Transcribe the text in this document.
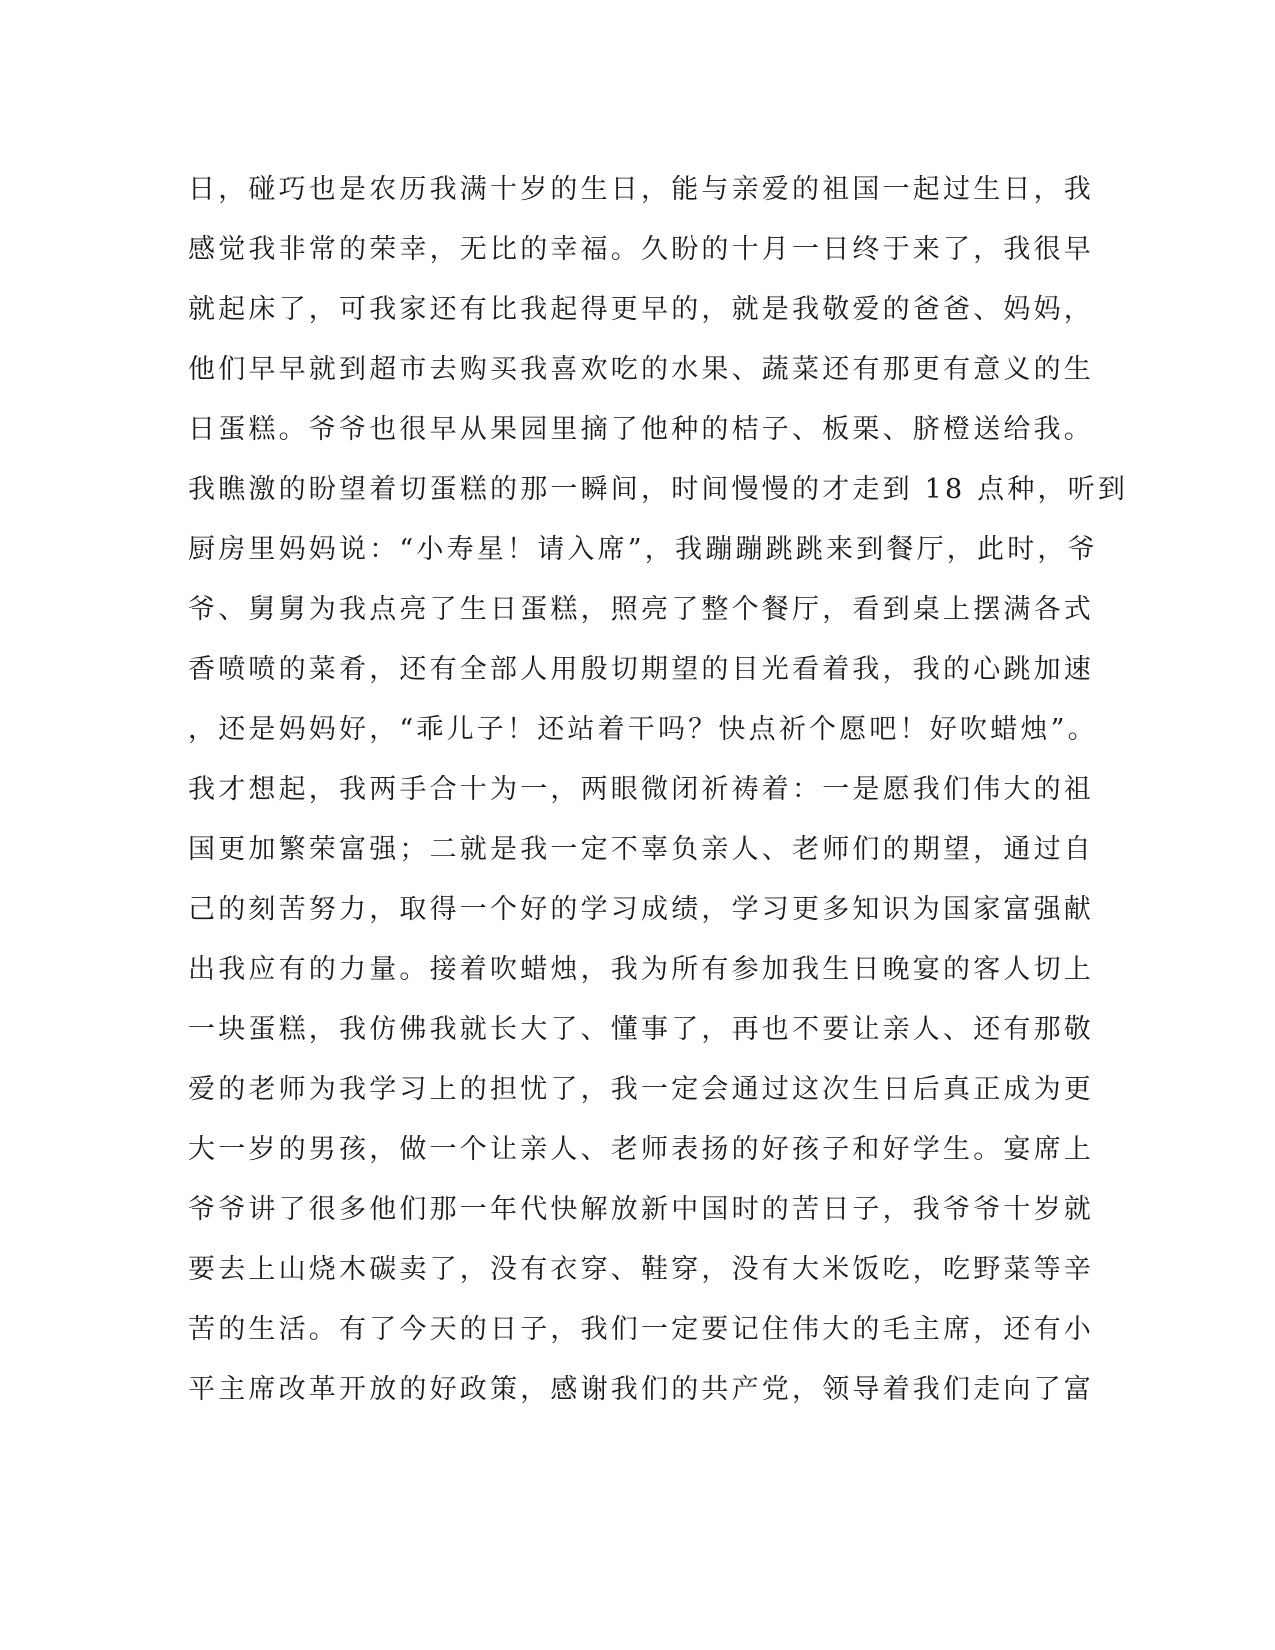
日，碰巧也是农历我满十岁的生日，能与亲爱的祖国一起过生日，我
感觉我非常的荣幸，无比的幸福。久盼的十月一日终于来了，我很早
就起床了，可我家还有比我起得更早的，就是我敬爱的爸爸、妈妈，
他们早早就到超市去购买我喜欢吃的水果、蔬菜还有那更有意义的生
日蛋糕。爷爷也很早从果园里摘了他种的桔子、板栗、脐橙送给我。
我瞧激的盼望着切蛋糕的那一瞬间，时间慢慢的才走到 18 点种，听到
厨房里妈妈说：“小寿星！请入席”，我蹦蹦跳跳来到餐厅，此时，爷
爷、舅舅为我点亮了生日蛋糕，照亮了整个餐厅，看到桌上摆满各式
香喷喷的菜肴，还有全部人用殷切期望的目光看着我，我的心跳加速
，还是妈妈好，“乖儿子！还站着干吗？快点祈个愿吧！好吹蜡烛”。
我才想起，我两手合十为一，两眼微闭祈祷着：一是愿我们伟大的祖
国更加繁荣富强；二就是我一定不辜负亲人、老师们的期望，通过自
己的刻苦努力，取得一个好的学习成绩，学习更多知识为国家富强献
出我应有的力量。接着吹蜡烛，我为所有参加我生日晚宴的客人切上
一块蛋糕，我仿佛我就长大了、懂事了，再也不要让亲人、还有那敬
爱的老师为我学习上的担忧了，我一定会通过这次生日后真正成为更
大一岁的男孩，做一个让亲人、老师表扬的好孩子和好学生。宴席上
爷爷讲了很多他们那一年代快解放新中国时的苦日子，我爷爷十岁就
要去上山烧木碳卖了，没有衣穿、鞋穿，没有大米饭吃，吃野菜等辛
苦的生活。有了今天的日子，我们一定要记住伟大的毛主席，还有小
平主席改革开放的好政策，感谢我们的共产党，领导着我们走向了富
